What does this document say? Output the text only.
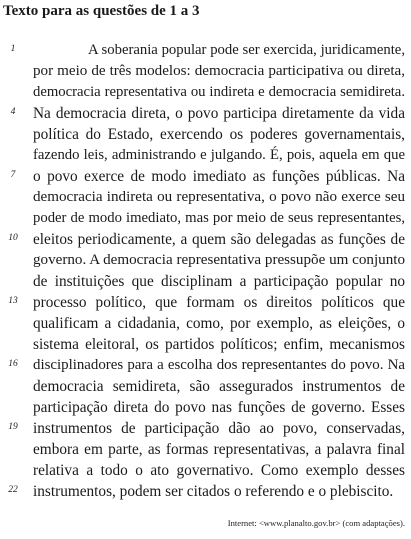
Texto para as questões de 1 a 3
1	A soberania popular pode ser exercida, juridicamente,
por meio de três modelos: democracia participativa ou direta,
democracia representativa ou indireta e democracia semidireta.
4	Na democracia direta, o povo participa diretamente da vida
política do Estado, exercendo os poderes governamentais,
fazendo leis, administrando e julgando. É, pois, aquela em que
7	o povo exerce de modo imediato as funções públicas. Na
democracia indireta ou representativa, o povo não exerce seu
poder de modo imediato, mas por meio de seus representantes,
10 eleitos periodicamente, a quem são delegadas as funções de
governo. A democracia representativa pressupõe um conjunto
de instituições que disciplinam a participação popular no
13 processo político, que formam os direitos políticos que
qualificam a cidadania, como, por exemplo, as eleições, o
sistema eleitoral, os partidos políticos; enfim, mecanismos
16	disciplinadores para a escolha dos representantes do povo. Na
democracia semidireta, são assegurados instrumentos de
participação direta do povo nas funções de governo. Esses
19 instrumentos de participação dão ao povo, conservadas,
embora em parte, as formas representativas, a palavra final
relativa a todo o ato governativo. Como exemplo desses
22 instrumentos, podem ser citados o referendo e o plebiscito.
Internet: <www.planalto.gov.br> (com adaptações).
